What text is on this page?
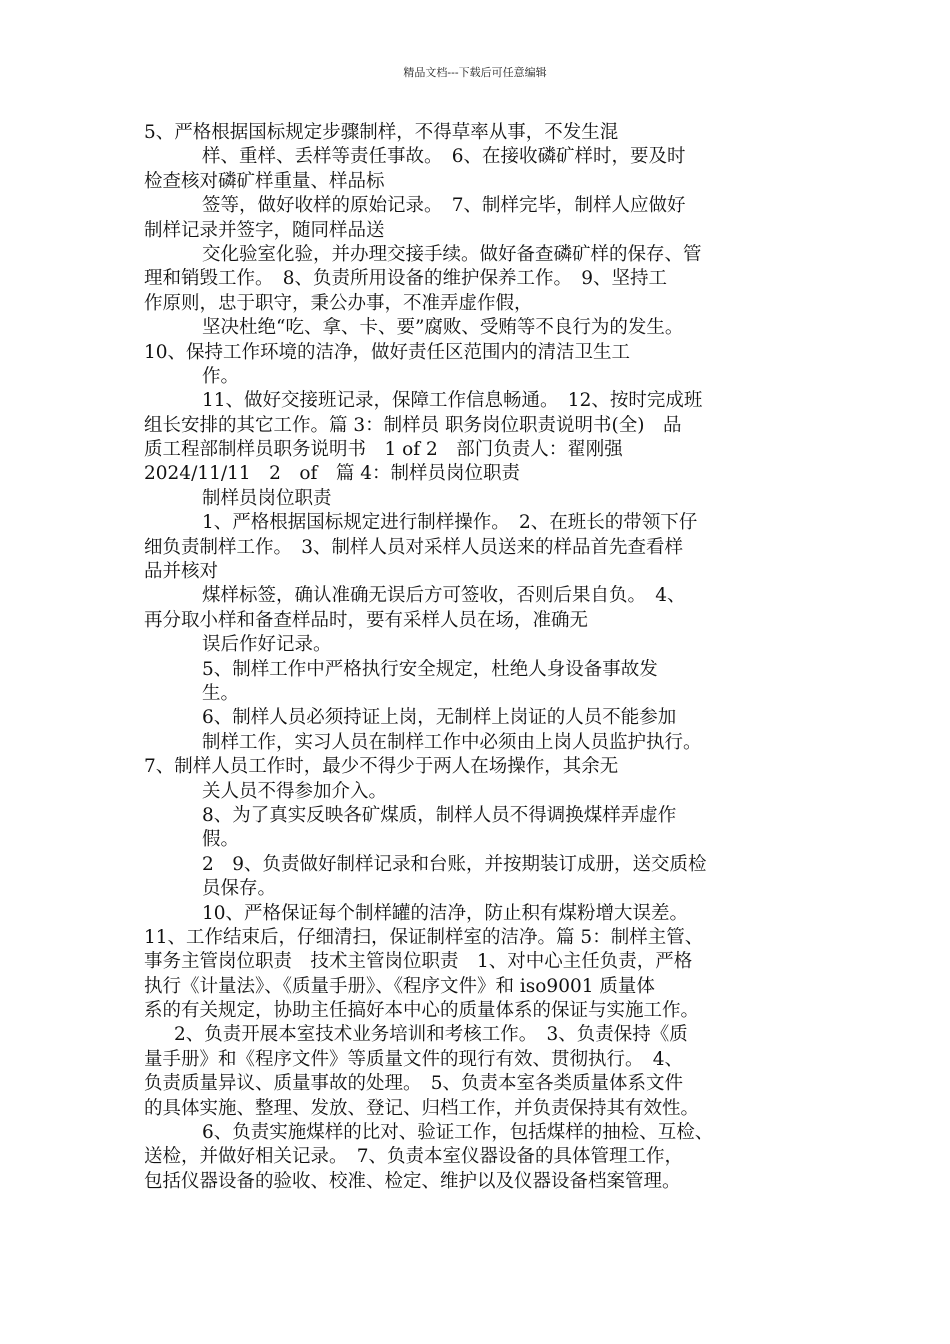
精品文档---下载后可任意编辑
5、严格根据国标规定步骤制样，不得草率从事，不发生混
样、重样、丢样等责任事故。　6、在接收磷矿样时，要及时
检查核对磷矿样重量、样品标
签等，做好收样的原始记录。　7、制样完毕，制样人应做好
制样记录并签字，随同样品送
交化验室化验，并办理交接手续。做好备查磷矿样的保存、管
理和销毁工作。　8、负责所用设备的维护保养工作。　9、坚持工
作原则，忠于职守，秉公办事，不准弄虚作假，
坚决杜绝“吃、拿、卡、要”腐败、受贿等不良行为的发生。
10、保持工作环境的洁净，做好责任区范围内的清洁卫生工
作。
11、做好交接班记录，保障工作信息畅通。　12、按时完成班
组长安排的其它工作。篇 3：制样员 职务岗位职责说明书(全)　品
质工程部制样员职务说明书　1 of 2　部门负责人：翟刚强
2024/11/11　2　of　篇 4：制样员岗位职责
制样员岗位职责
1、严格根据国标规定进行制样操作。　2、在班长的带领下仔
细负责制样工作。　3、制样人员对采样人员送来的样品首先查看样
品并核对
煤样标签，确认准确无误后方可签收，否则后果自负。　4、
再分取小样和备查样品时，要有采样人员在场，准确无
误后作好记录。
5、制样工作中严格执行安全规定，杜绝人身设备事故发
生。
6、制样人员必须持证上岗，无制样上岗证的人员不能参加
制样工作，实习人员在制样工作中必须由上岗人员监护执行。
7、制样人员工作时，最少不得少于两人在场操作，其余无
关人员不得参加介入。
8、为了真实反映各矿煤质，制样人员不得调换煤样弄虚作
假。
2　9、负责做好制样记录和台账，并按期装订成册，送交质检
员保存。
10、严格保证每个制样罐的洁净，防止积有煤粉增大误差。
11、工作结束后，仔细清扫，保证制样室的洁净。篇 5：制样主管、
事务主管岗位职责　技术主管岗位职责　1、对中心主任负责，严格
执行《计量法》、《质量手册》、《程序文件》和 iso9001 质量体
系的有关规定，协助主任搞好本中心的质量体系的保证与实施工作。
2、负责开展本室技术业务培训和考核工作。　3、负责保持《质
量手册》和《程序文件》等质量文件的现行有效、贯彻执行。　4、
负责质量异议、质量事故的处理。　5、负责本室各类质量体系文件
的具体实施、整理、发放、登记、归档工作，并负责保持其有效性。
6、负责实施煤样的比对、验证工作，包括煤样的抽检、互检、
送检，并做好相关记录。　7、负责本室仪器设备的具体管理工作，
包括仪器设备的验收、校准、检定、维护以及仪器设备档案管理。
